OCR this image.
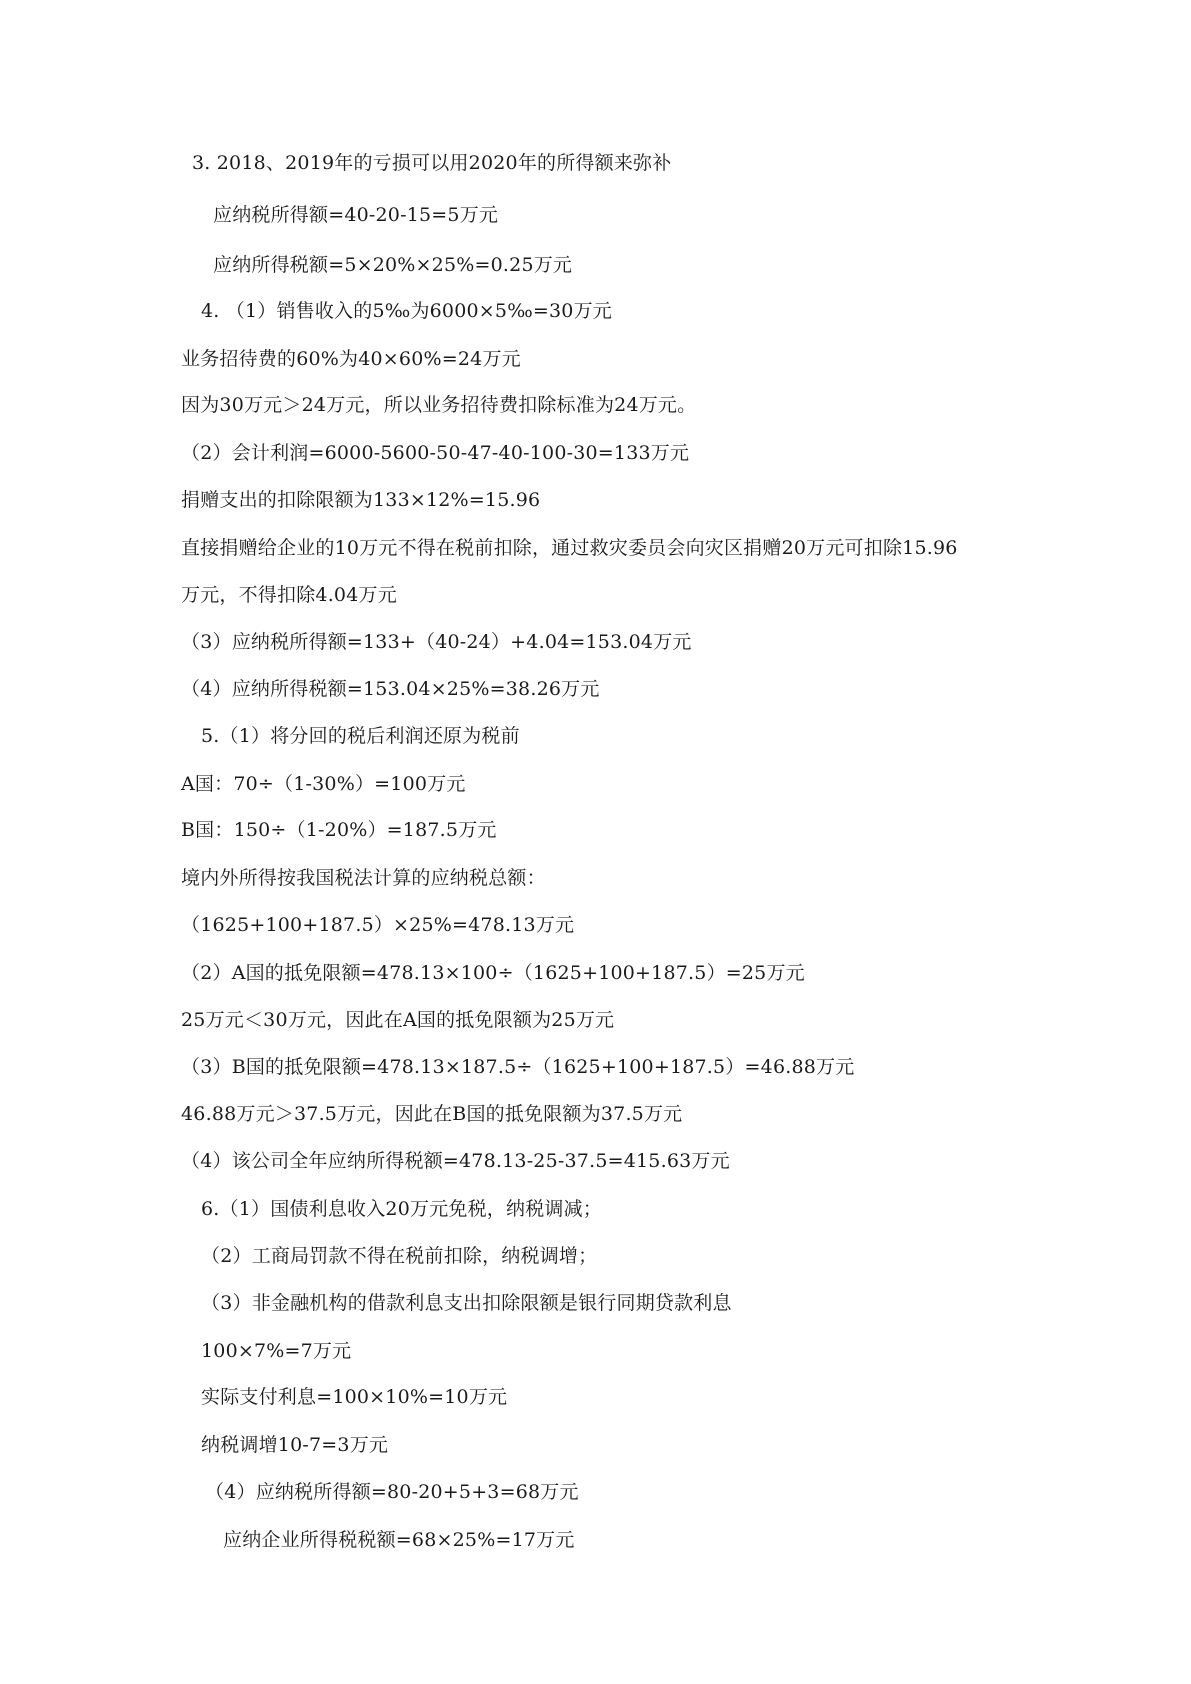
3. 2018、2019年的亏损可以用2020年的所得额来弥补
应纳税所得额=40-20-15=5万元
应纳所得税额=5×20%×25%=0.25万元
4. （1）销售收入的5‰为6000×5‰=30万元
业务招待费的60%为40×60%=24万元
因为30万元＞24万元，所以业务招待费扣除标准为24万元。
（2）会计利润=6000-5600-50-47-40-100-30=133万元
捐赠支出的扣除限额为133×12%=15.96
直接捐赠给企业的10万元不得在税前扣除，通过救灾委员会向灾区捐赠20万元可扣除15.96
万元，不得扣除4.04万元
（3）应纳税所得额=133+（40-24）+4.04=153.04万元
（4）应纳所得税额=153.04×25%=38.26万元
5.（1）将分回的税后利润还原为税前
A国：70÷（1-30%）=100万元
B国：150÷（1-20%）=187.5万元
境内外所得按我国税法计算的应纳税总额：
（1625+100+187.5）×25%=478.13万元
（2）A国的抵免限额=478.13×100÷（1625+100+187.5）=25万元
25万元＜30万元，因此在A国的抵免限额为25万元
（3）B国的抵免限额=478.13×187.5÷（1625+100+187.5）=46.88万元
46.88万元＞37.5万元，因此在B国的抵免限额为37.5万元
（4）该公司全年应纳所得税额=478.13-25-37.5=415.63万元
6.（1）国债利息收入20万元免税，纳税调减；
（2）工商局罚款不得在税前扣除，纳税调增；
（3）非金融机构的借款利息支出扣除限额是银行同期贷款利息
100×7%=7万元
实际支付利息=100×10%=10万元
纳税调增10-7=3万元
（4）应纳税所得额=80-20+5+3=68万元
应纳企业所得税税额=68×25%=17万元
